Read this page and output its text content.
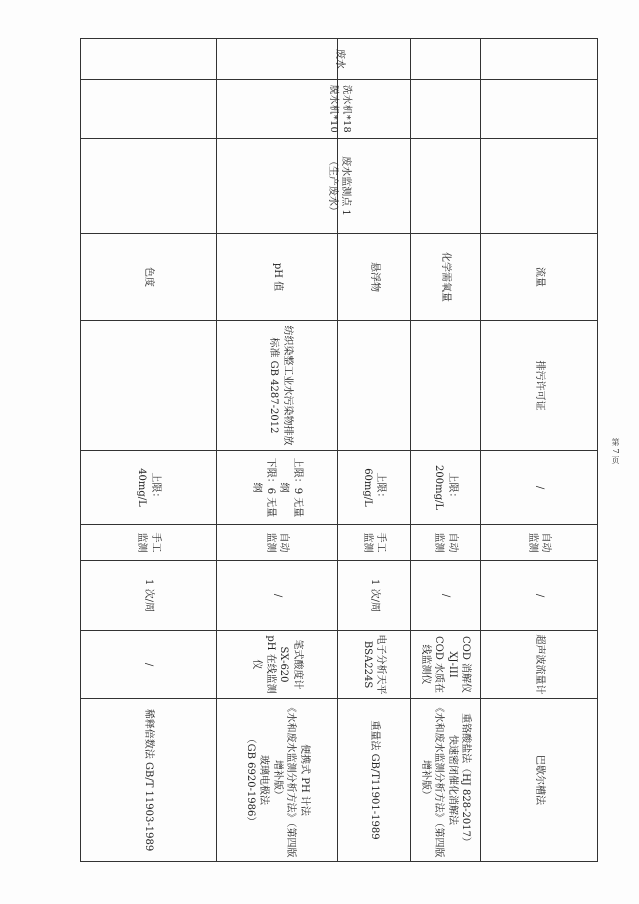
废水
洗水机*18
脱水机*10
废水监测点 1
（生产废水）
排污许可证
纺织染整工业水污染物排放标准 GB 4287-2012
流量
/
自动
监测
/
超声波流量计
巴歇尔槽法
化学需氧量
上限：
200mg/L
自动
监测
/
COD 消解仪
XJ-III
COD 水质在线监测仪
重铬酸盐法（HJ 828-2017）
快速密闭催化消解法
《水和废水监测分析方法》（第四版增补版）
悬浮物
上限：
60mg/L
手工
监测
1 次/周
电子分析天平 BSA224S
重量法 GB/T11901-1989
pH 值
上限：9 无量纲
下限：6 无量纲
自动
监测
/
笔式酸度计
SX-620
pH 在线监测仪
便携式 PH 计法
《水和废水监测分析方法》（第四版增补版）
玻璃电极法
（GB 6920-1986）
色度
上限：
40mg/L
手工
监测
1 次/周
/
稀释倍数法 GB/T 11903-1989
第 7 页
